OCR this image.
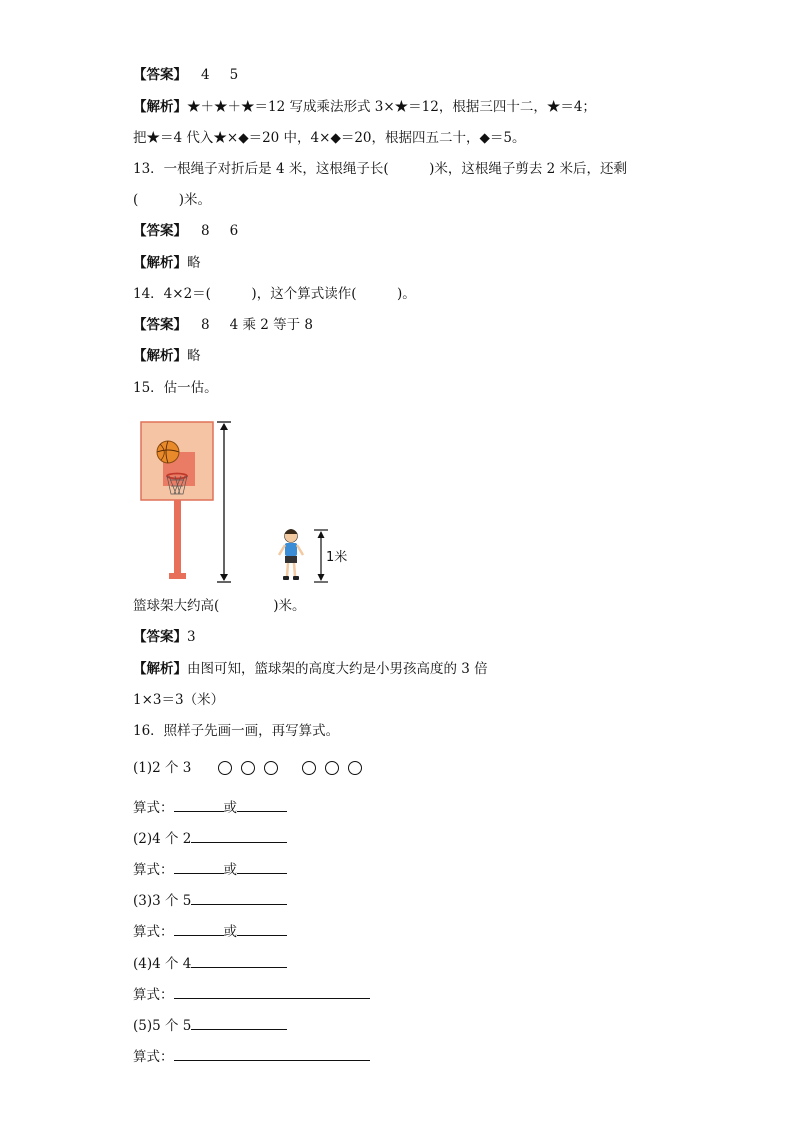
【答案】 4 5
【解析】★＋★＋★＝12 写成乘法形式 3×★＝12，根据三四十二，★＝4；
把★＝4 代入★×◆＝20 中，4×◆＝20，根据四五二十，◆＝5。
13．一根绳子对折后是 4 米，这根绳子长(　　　)米，这根绳子剪去 2 米后，还剩
(　　　)米。
【答案】 8 6
【解析】略
14．4×2＝(　　　)，这个算式读作(　　　)。
【答案】 8 4 乘 2 等于 8
【解析】略
15．估一估。
1米
篮球架大约高(　　　　)米。
【答案】3
【解析】由图可知，篮球架的高度大约是小男孩高度的 3 倍
1×3＝3（米）
16．照样子先画一画，再写算式。
(1)2 个 3
算式：	或
(2)4 个 2
算式：	或
(3)3 个 5
算式：	或
(4)4 个 4
算式：
(5)5 个 5
算式：
